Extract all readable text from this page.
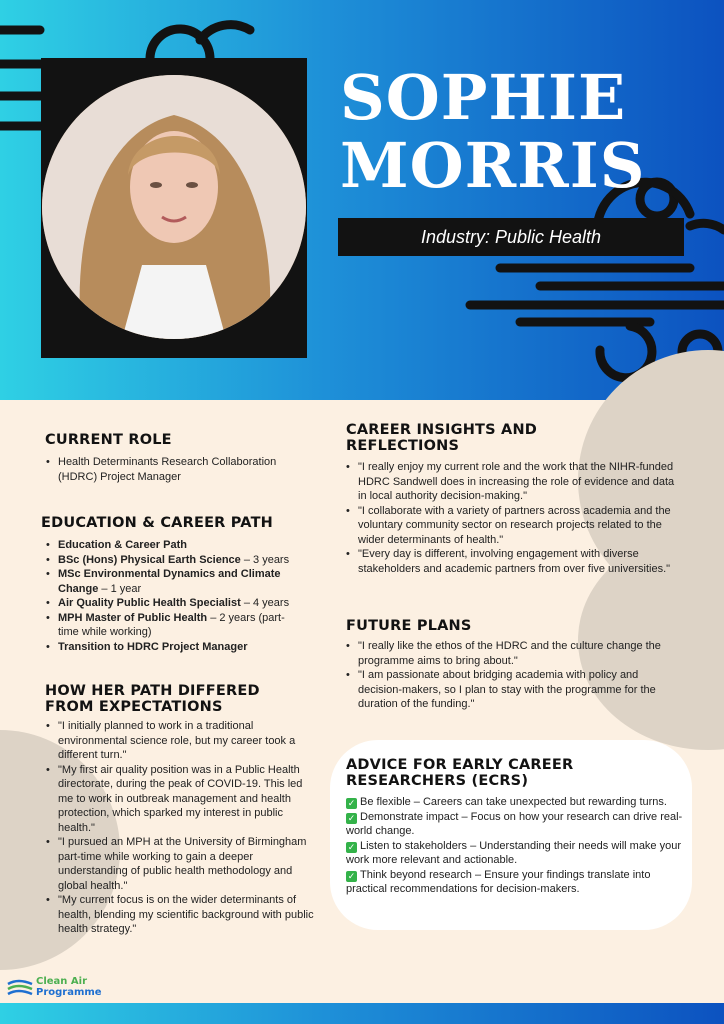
SOPHIE
MORRIS
Industry: Public Health
CURRENT ROLE
• Health Determinants Research Collaboration (HDRC) Project Manager
EDUCATION & CAREER PATH
• Education & Career Path
• BSc (Hons) Physical Earth Science – 3 years
• MSc Environmental Dynamics and Climate Change – 1 year
• Air Quality Public Health Specialist – 4 years
• MPH Master of Public Health – 2 years (part-time while working)
• Transition to HDRC Project Manager
HOW HER PATH DIFFERED
FROM EXPECTATIONS
• "I initially planned to work in a traditional environmental science role, but my career took a different turn."
• "My first air quality position was in a Public Health directorate, during the peak of COVID-19. This led me to work in outbreak management and health protection, which sparked my interest in public health."
• "I pursued an MPH at the University of Birmingham part-time while working to gain a deeper understanding of public health methodology and global health."
• "My current focus is on the wider determinants of health, blending my scientific background with public health strategy."
CAREER INSIGHTS AND
REFLECTIONS
• "I really enjoy my current role and the work that the NIHR-funded HDRC Sandwell does in increasing the role of evidence and data in local authority decision-making."
• "I collaborate with a variety of partners across academia and the voluntary community sector on research projects related to the wider determinants of health."
• "Every day is different, involving engagement with diverse stakeholders and academic partners from over five universities."
FUTURE PLANS
• "I really like the ethos of the HDRC and the culture change the programme aims to bring about."
• "I am passionate about bridging academia with policy and decision-makers, so I plan to stay with the programme for the duration of the funding."
ADVICE FOR EARLY CAREER
RESEARCHERS (ECRS)
✓ Be flexible – Careers can take unexpected but rewarding turns.
✓ Demonstrate impact – Focus on how your research can drive real-world change.
✓ Listen to stakeholders – Understanding their needs will make your work more relevant and actionable.
✓ Think beyond research – Ensure your findings translate into practical recommendations for decision-makers.
Clean Air
Programme
